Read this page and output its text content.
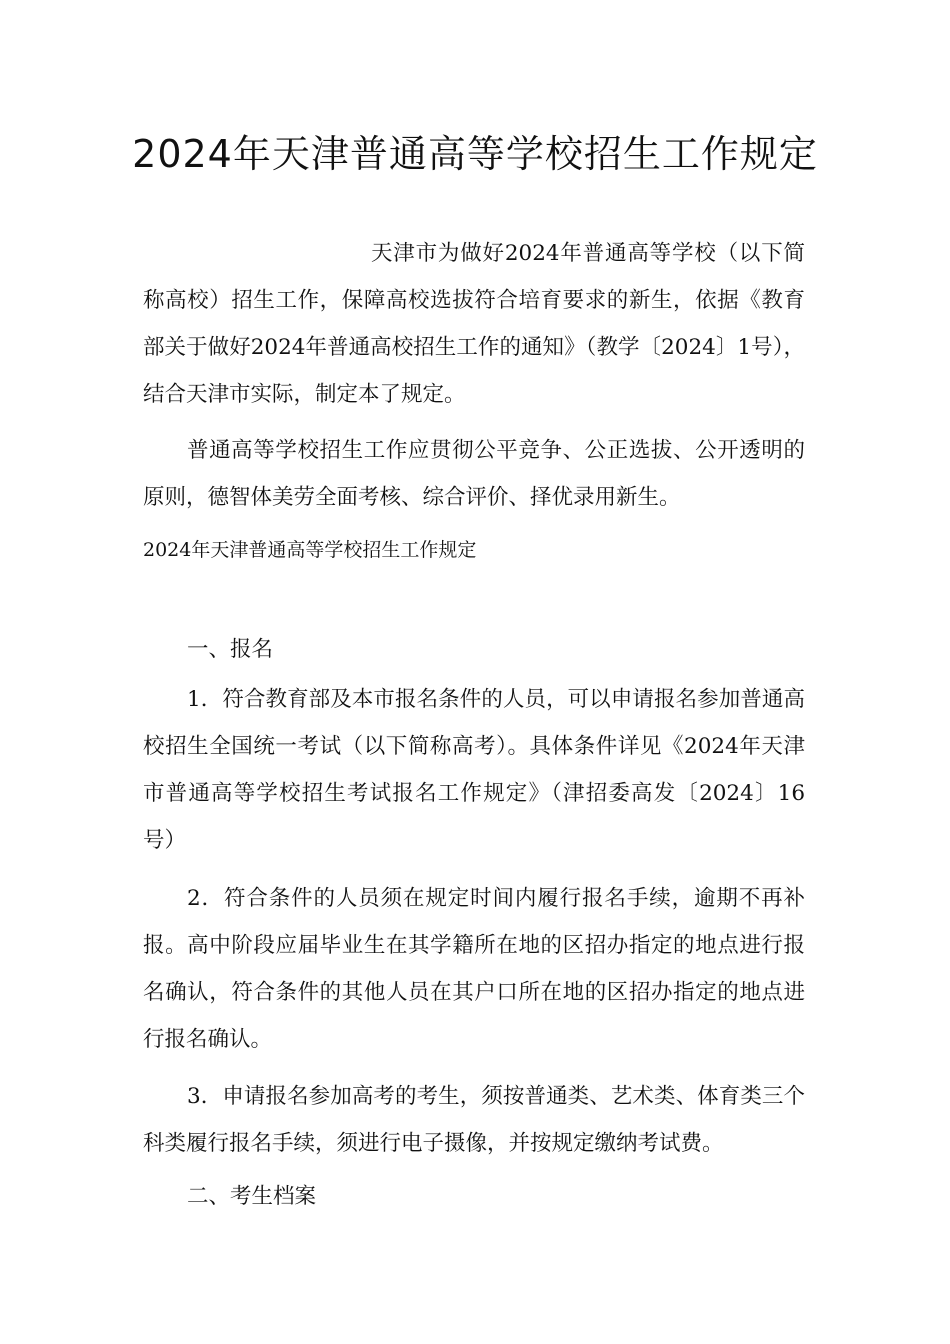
2024年天津普通高等学校招生工作规定

天津市为做好2024年普通高等学校（以下简称高校）招生工作，保障高校选拔符合培育要求的新生，依据《教育部关于做好2024年普通高校招生工作的通知》（教学〔2024〕1号），结合天津市实际，制定本了规定。

普通高等学校招生工作应贯彻公平竞争、公正选拔、公开透明的原则，德智体美劳全面考核、综合评价、择优录用新生。

2024年天津普通高等学校招生工作规定

一、报名

1．符合教育部及本市报名条件的人员，可以申请报名参加普通高校招生全国统一考试（以下简称高考）。具体条件详见《2024年天津市普通高等学校招生考试报名工作规定》（津招委高发〔2024〕16号）

2．符合条件的人员须在规定时间内履行报名手续，逾期不再补报。高中阶段应届毕业生在其学籍所在地的区招办指定的地点进行报名确认，符合条件的其他人员在其户口所在地的区招办指定的地点进行报名确认。

3．申请报名参加高考的考生，须按普通类、艺术类、体育类三个科类履行报名手续，须进行电子摄像，并按规定缴纳考试费。

二、考生档案
